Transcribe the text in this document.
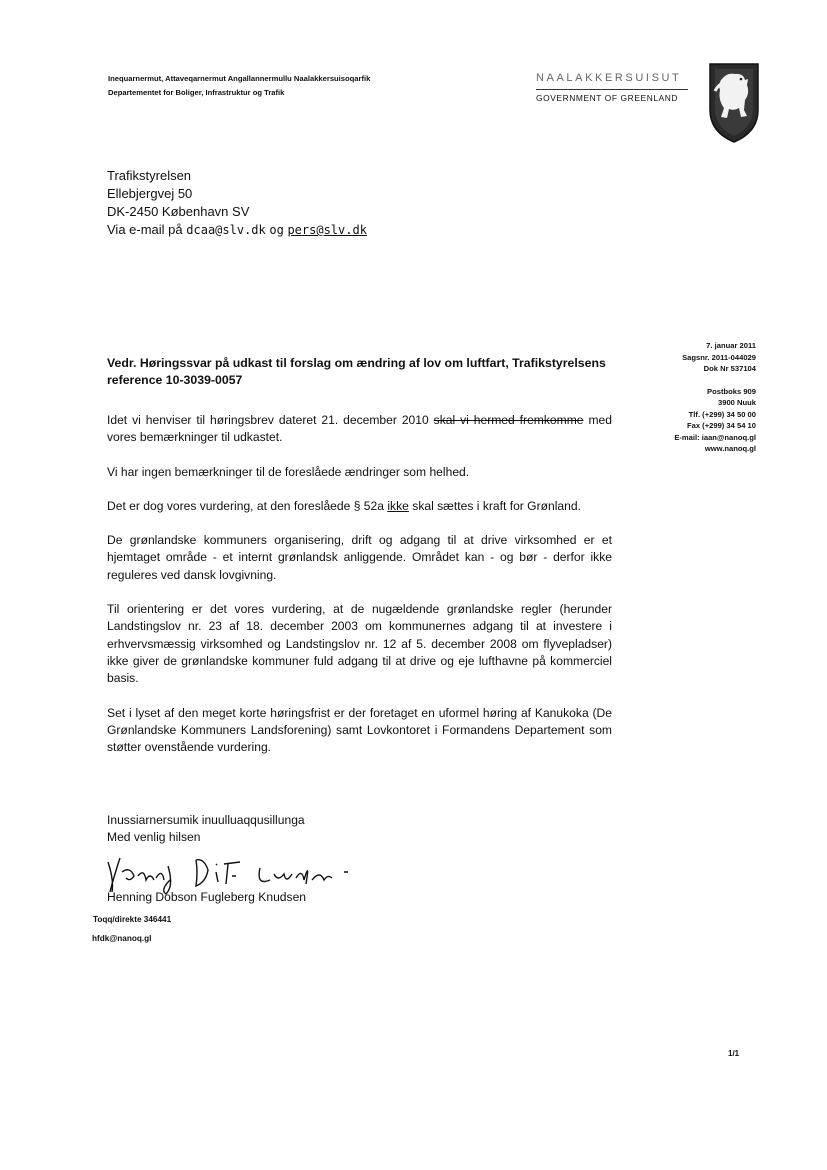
Inequarnermut, Attaveqarnermut Angallannermullu Naalakkersuisoqarfik
Departementet for Boliger, Infrastruktur og Trafik
NAALAKKERSUISUT
GOVERNMENT OF GREENLAND
Trafikstyrelsen
Ellebjergvej 50
DK-2450 København SV
Via e-mail på dcaa@slv.dk og pers@slv.dk
7. januar 2011
Sagsnr. 2011-044029
Dok Nr 537104
Postboks 909
3900 Nuuk
Tlf. (+299) 34 50 00
Fax (+299) 34 54 10
E-mail: iaan@nanoq.gl
www.nanoq.gl
Vedr. Høringssvar på udkast til forslag om ændring af lov om luftfart, Trafikstyrelsens reference 10-3039-0057

Idet vi henviser til høringsbrev dateret 21. december 2010 skal vi hermed fremkomme med vores bemærkninger til udkastet.

Vi har ingen bemærkninger til de foreslåede ændringer som helhed.

Det er dog vores vurdering, at den foreslåede § 52a ikke skal sættes i kraft for Grønland.

De grønlandske kommuners organisering, drift og adgang til at drive virksomhed er et hjemtaget område - et internt grønlandsk anliggende. Området kan - og bør - derfor ikke reguleres ved dansk lovgivning.

Til orientering er det vores vurdering, at de nugældende grønlandske regler (herunder Landstingslov nr. 23 af 18. december 2003 om kommunernes adgang til at investere i erhvervsmæssig virksomhed og Landstingslov nr. 12 af 5. december 2008 om flyvepladser) ikke giver de grønlandske kommuner fuld adgang til at drive og eje lufthavne på kommerciel basis.

Set i lyset af den meget korte høringsfrist er der foretaget en uformel høring af Kanukoka (De Grønlandske Kommuners Landsforening) samt Lovkontoret i Formandens Departement som støtter ovenstående vurdering.

Inussiarnersumik inuulluaqqusillunga
Med venlig hilsen
Henning Dobson Fugleberg Knudsen
Toqq/direkte 346441
hfdk@nanoq.gl
1/1
